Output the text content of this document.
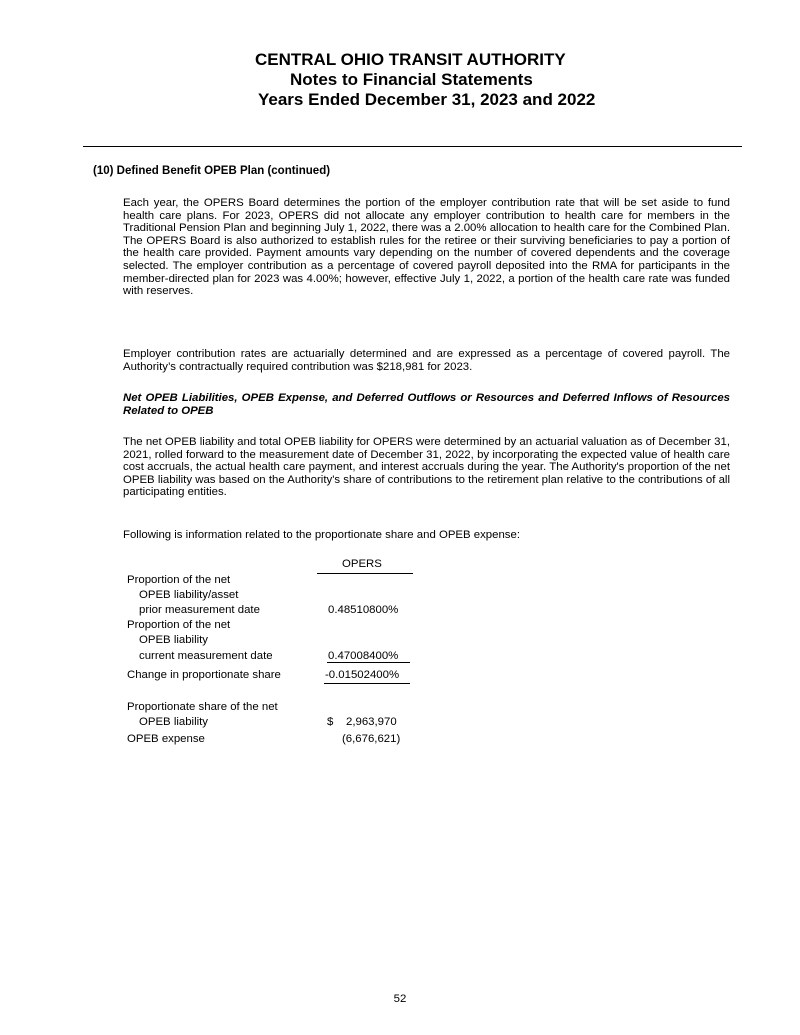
CENTRAL OHIO TRANSIT AUTHORITY
Notes to Financial Statements
Years Ended December 31, 2023 and 2022
(10) Defined Benefit OPEB Plan (continued)

Each year, the OPERS Board determines the portion of the employer contribution rate that will be set aside to fund health care plans. For 2023, OPERS did not allocate any employer contribution to health care for members in the Traditional Pension Plan and beginning July 1, 2022, there was a 2.00% allocation to health care for the Combined Plan. The OPERS Board is also authorized to establish rules for the retiree or their surviving beneficiaries to pay a portion of the health care provided. Payment amounts vary depending on the number of covered dependents and the coverage selected. The employer contribution as a percentage of covered payroll deposited into the RMA for participants in the member-directed plan for 2023 was 4.00%; however, effective July 1, 2022, a portion of the health care rate was funded with reserves.

Employer contribution rates are actuarially determined and are expressed as a percentage of covered payroll. The Authority’s contractually required contribution was $218,981 for 2023.

Net OPEB Liabilities, OPEB Expense, and Deferred Outflows or Resources and Deferred Inflows of Resources Related to OPEB

The net OPEB liability and total OPEB liability for OPERS were determined by an actuarial valuation as of December 31, 2021, rolled forward to the measurement date of December 31, 2022, by incorporating the expected value of health care cost accruals, the actual health care payment, and interest accruals during the year. The Authority's proportion of the net OPEB liability was based on the Authority's share of contributions to the retirement plan relative to the contributions of all participating entities.

Following is information related to the proportionate share and OPEB expense:

OPERS
Proportion of the net
OPEB liability/asset
prior measurement date	0.48510800%
Proportion of the net
OPEB liability
current measurement date	0.47008400%
Change in proportionate share	-0.01502400%
Proportionate share of the net
OPEB liability	$ 2,963,970
OPEB expense	(6,676,621)
52
